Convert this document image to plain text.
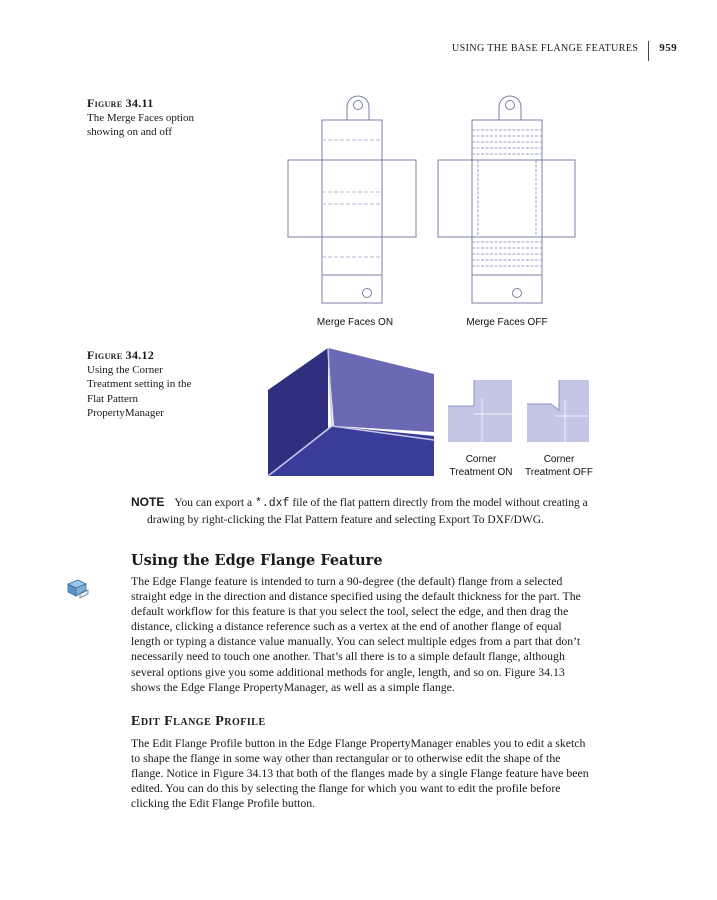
USING THE BASE FLANGE FEATURES 959
Figure 34.11
The Merge Faces option
showing on and off
Merge Faces ON	Merge Faces OFF
Figure 34.12
Using the Corner
Treatment setting in the
Flat Pattern
PropertyManager
Corner
Treatment ON
Corner
Treatment OFF
NOTE You can export a *.dxf file of the flat pattern directly from the model without creating a
drawing by right-clicking the Flat Pattern feature and selecting Export To DXF/DWG.
Using the Edge Flange Feature
The Edge Flange feature is intended to turn a 90-degree (the default) flange from a selected
straight edge in the direction and distance specified using the default thickness for the part. The
default workflow for this feature is that you select the tool, select the edge, and then drag the
distance, clicking a distance reference such as a vertex at the end of another flange of equal
length or typing a distance value manually. You can select multiple edges from a part that don’t
necessarily need to touch one another. That’s all there is to a simple default flange, although
several options give you some additional methods for angle, length, and so on. Figure 34.13
shows the Edge Flange PropertyManager, as well as a simple flange.
Edit Flange Profile
The Edit Flange Profile button in the Edge Flange PropertyManager enables you to edit a sketch
to shape the flange in some way other than rectangular or to otherwise edit the shape of the
flange. Notice in Figure 34.13 that both of the flanges made by a single Flange feature have been
edited. You can do this by selecting the flange for which you want to edit the profile before
clicking the Edit Flange Profile button.
